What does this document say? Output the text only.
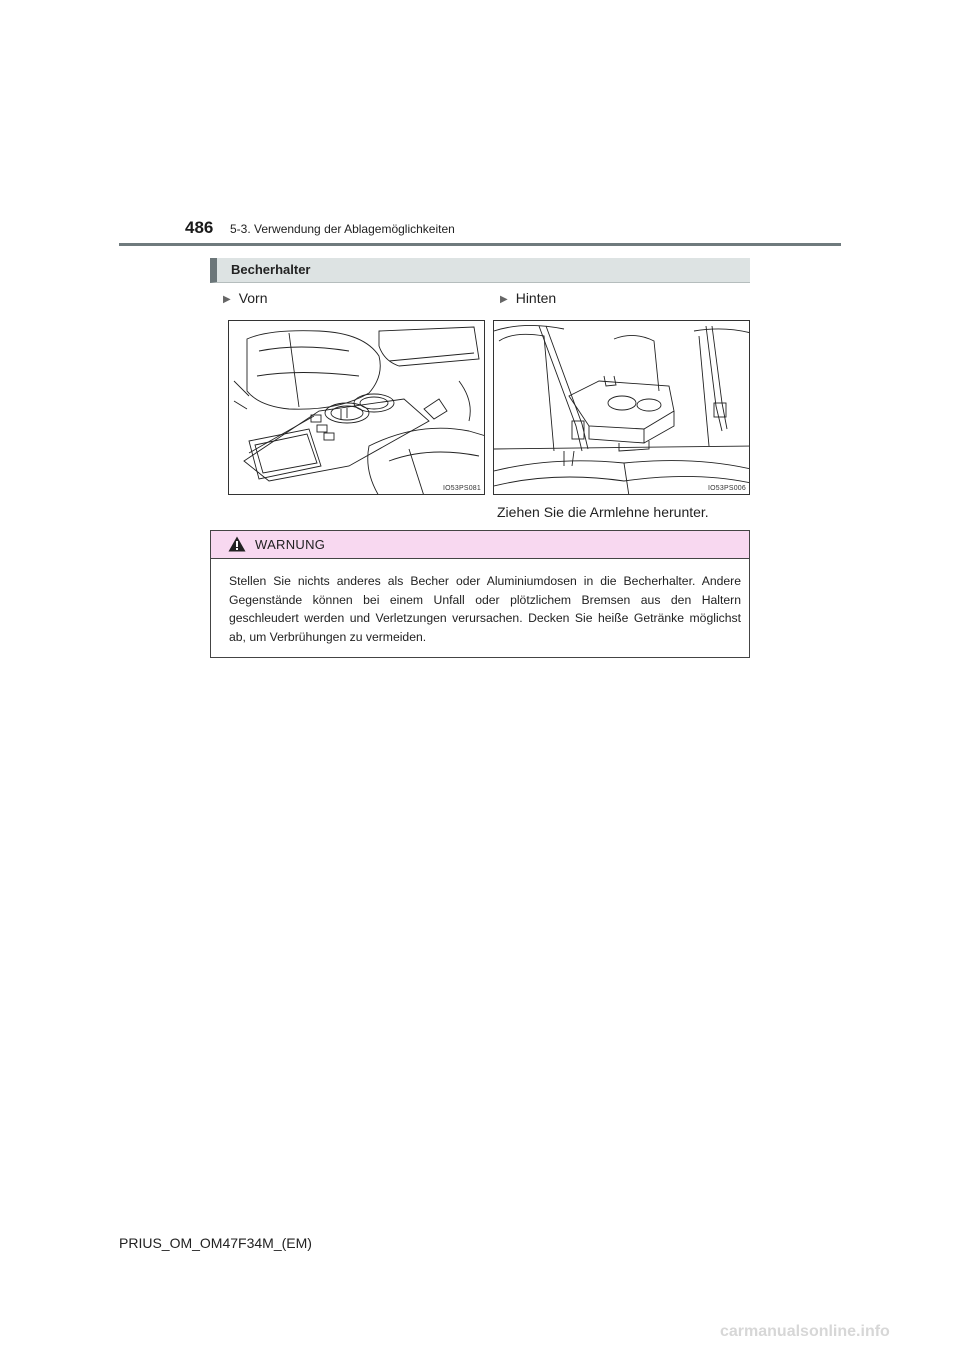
486 5-3. Verwendung der Ablagemöglichkeiten
Becherhalter
▶ Vorn	▶ Hinten
IO53PS081	IO53PS006
Ziehen Sie die Armlehne herunter.
WARNUNG
Stellen Sie nichts anderes als Becher oder Aluminiumdosen in die Becherhalter. Andere Gegenstände können bei einem Unfall oder plötzlichem Bremsen aus den Haltern geschleudert werden und Verletzungen verursachen. Decken Sie heiße Getränke möglichst ab, um Verbrühungen zu vermeiden.
PRIUS_OM_OM47F34M_(EM)
carmanualsonline.info
